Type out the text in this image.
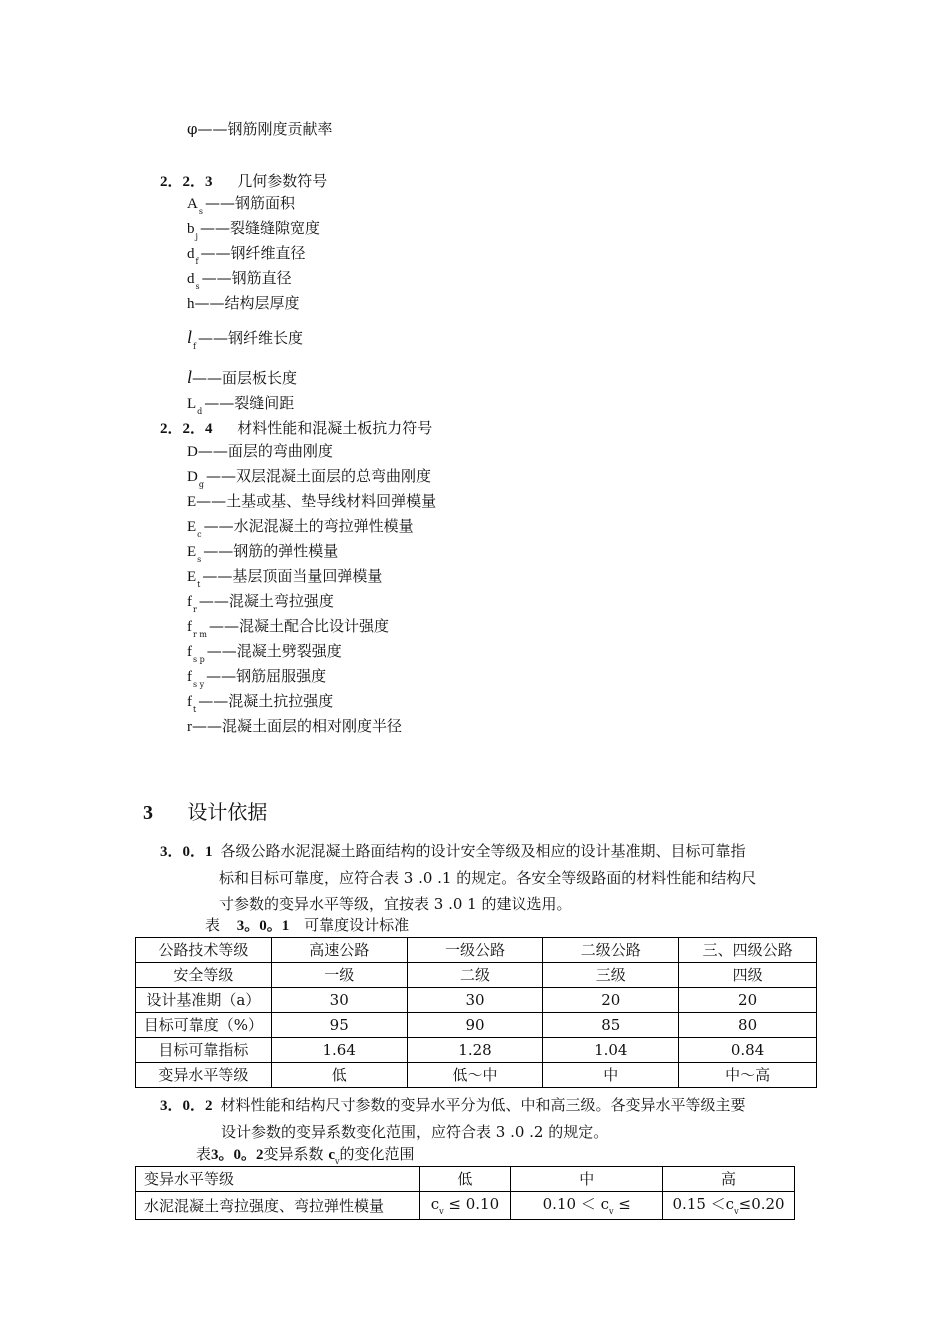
φ——钢筋刚度贡献率
2．2．3 几何参数符号
$A_s$ ——钢筋面积
$b_j$ ——裂缝缝隙宽度
$d_f$ ——钢纤维直径
$d_s$ ——钢筋直径
h——结构层厚度
$l_f$ ——钢纤维长度
l——面层板长度
$L_d$ ——裂缝间距
2．2．4 材料性能和混凝土板抗力符号
D——面层的弯曲刚度
$D_g$ ——双层混凝土面层的总弯曲刚度
E——土基或基、垫导线材料回弹模量
$E_c$ ——水泥混凝土的弯拉弹性模量
$E_s$ ——钢筋的弹性模量
$E_t$ ——基层顶面当量回弹模量
$f_r$ ——混凝土弯拉强度
$f_{r m}$ ——混凝土配合比设计强度
$f_{s p}$ ——混凝土劈裂强度
$f_{s y}$ ——钢筋屈服强度
$f_t$ ——混凝土抗拉强度
r——混凝土面层的相对刚度半径
3 设计依据
3．0．1 各级公路水泥混凝土路面结构的设计安全等级及相应的设计基准期、目标可靠指
标和目标可靠度，应符合表 3 .0 .1 的规定。各安全等级路面的材料性能和结构尺
寸参数的变异水平等级，宜按表 3 .0 1 的建议选用。
表 3。0。1 可靠度设计标准
公路技术等级	高速公路	一级公路	二级公路	三、四级公路
安全等级	一级	二级	三级	四级
设计基准期（a）	30	30	20	20
目标可靠度（%）	95	90	85	80
目标可靠指标	1.64	1.28	1.04	0.84
变异水平等级	低	低～中	中	中～高
3．0．2 材料性能和结构尺寸参数的变异水平分为低、中和高三级。各变异水平等级主要
设计参数的变异系数变化范围，应符合表 3 .0 .2 的规定。
表3。0。2变异系数 $c_v$的变化范围
变异水平等级	低	中	高
水泥混凝土弯拉强度、弯拉弹性模量	$c_v \le 0.10$	$0.10 < c_v$ ≤	$0.15 <c_v\le 0.20$
